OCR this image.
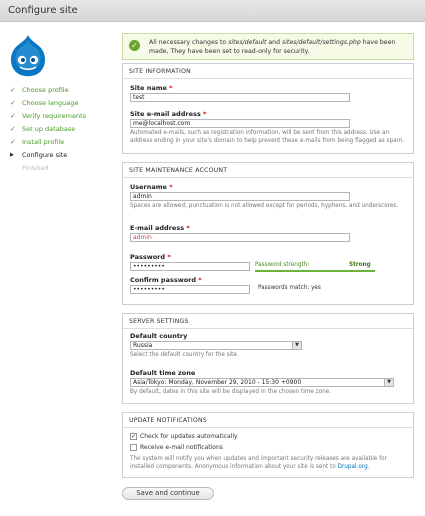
Configure site
✓ Choose profile
✓ Choose language
✓ Verify requirements
✓ Set up database
✓ Install profile
▶ Configure site
Finished
✓	All necessary changes to sites/default and sites/default/settings.php have been made, They have been set to read-only for security.

SITE INFORMATION
Site name *
test
Site e-mail address *
me@localhost.com
Automated e-mails, such as registration information, will be sent from this address. Use an address ending in your site's domain to help prevent these e-mails from being flagged as spam.
SITE MAINTENANCE ACCOUNT
Username *
admin
Spaces are allowed; punctuation is not allowed except for periods, hyphens, and underscores.
E-mail address *
admin
Password *
•••••••••	Password strength:	Strong
Confirm password *
•••••••••	Passwords match: yes
SERVER SETTINGS
Default country
Russia	▼
Select the default country for the site.
Default time zone
Asia/Tokyo: Monday, November 29, 2010 - 15:30 +0900	▼
By default, dates in this site will be displayed in the chosen time zone.
UPDATE NOTIFICATIONS
✓ Check for updates automatically
Receive e-mail notifications
The system will notify you when updates and important security releases are available for installed components. Anonymous information about your site is sent to Drupal.org.
Save and continue
